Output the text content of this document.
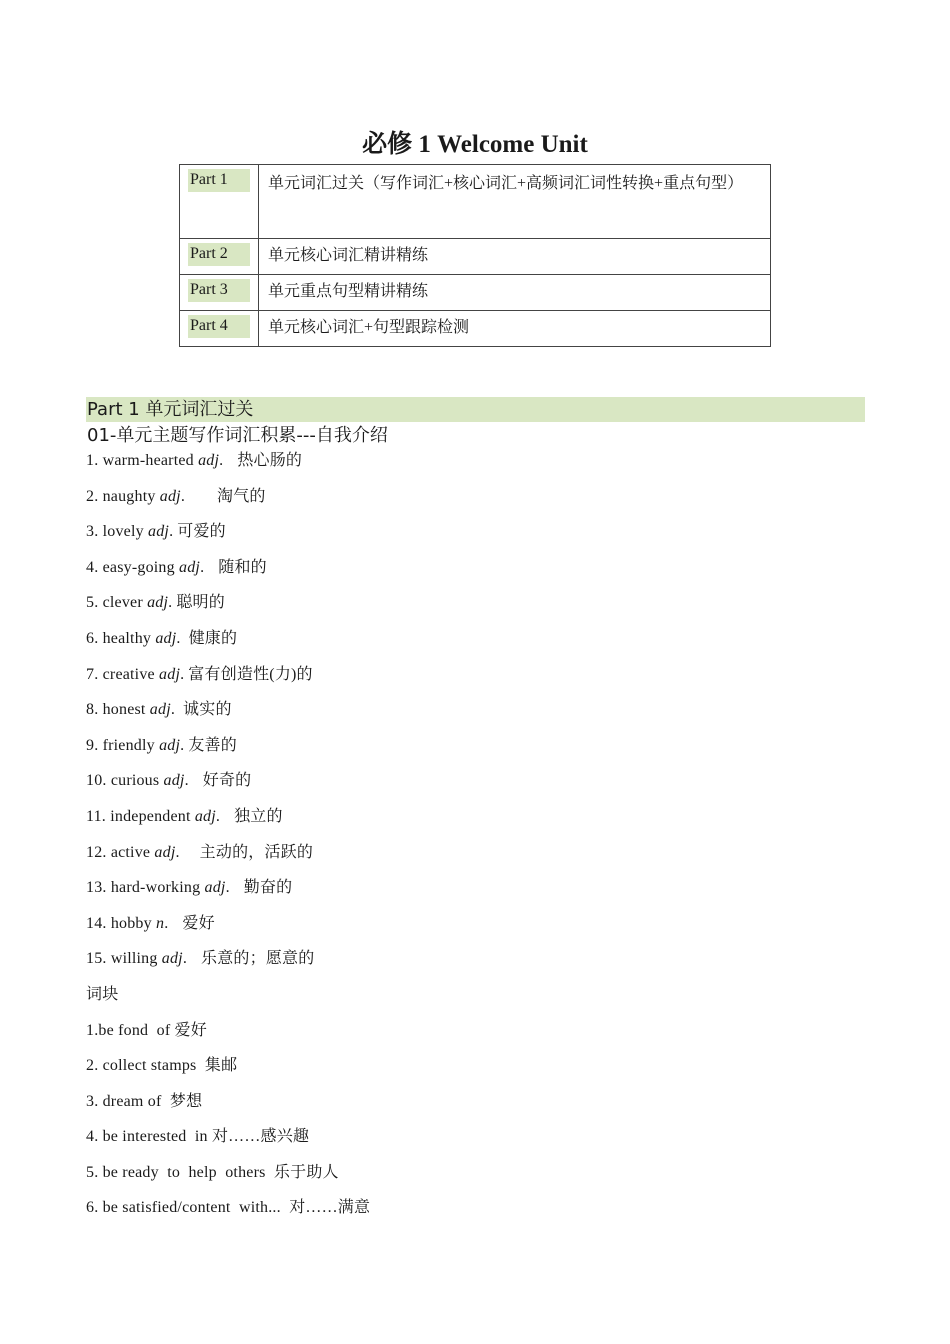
必修 1 Welcome Unit
Part 1	单元词汇过关（写作词汇+核心词汇+高频词汇词性转换+重点句型）

Part 2	单元核心词汇精讲精练

Part 3	单元重点句型精讲精练

Part 4	单元核心词汇+句型跟踪检测
Part 1 单元词汇过关
01-单元主题写作词汇积累---自我介绍
1. warm-hearted adj. 热心肠的
2. naughty adj. 淘气的
3. lovely adj. 可爱的
4. easy-going adj. 随和的
5. clever adj. 聪明的
6. healthy adj. 健康的
7. creative adj. 富有创造性(力)的
8. honest adj. 诚实的
9. friendly adj. 友善的
10. curious adj. 好奇的
11. independent adj. 独立的
12. active adj. 主动的，活跃的
13. hard-working adj. 勤奋的
14. hobby n. 爱好
15. willing adj. 乐意的；愿意的
词块
1.be fond  of 爱好
2. collect stamps  集邮
3. dream of  梦想
4. be interested  in 对……感兴趣
5. be ready  to  help  others  乐于助人
6. be satisfied/content  with...  对……满意
